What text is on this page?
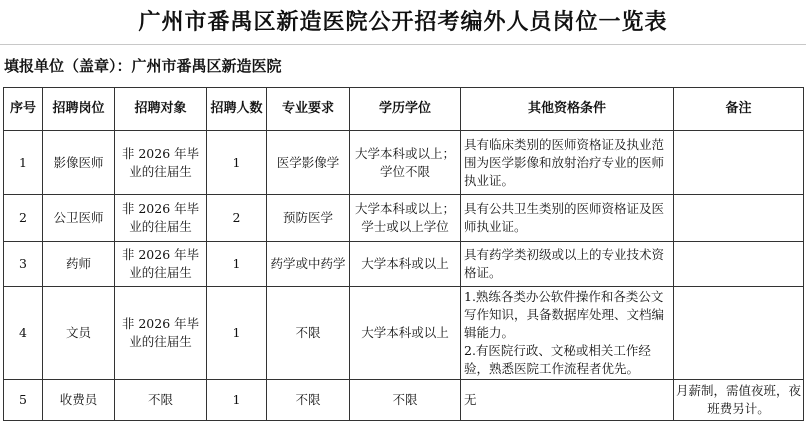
广州市番禺区新造医院公开招考编外人员岗位一览表
填报单位（盖章）：广州市番禺区新造医院
序号	招聘岗位	招聘对象	招聘人数	专业要求	学历学位	其他资格条件	备注
1	影像医师	非 2026 年毕业的往届生	1	医学影像学	大学本科或以上；学位不限	具有临床类别的医师资格证及执业范围为医学影像和放射治疗专业的医师执业证。	
2	公卫医师	非 2026 年毕业的往届生	2	预防医学	大学本科或以上；学士或以上学位	具有公共卫生类别的医师资格证及医师执业证。	
3	药师	非 2026 年毕业的往届生	1	药学或中药学	大学本科或以上	具有药学类初级或以上的专业技术资格证。	
4	文员	非 2026 年毕业的往届生	1	不限	大学本科或以上	1.熟练各类办公软件操作和各类公文写作知识，具备数据库处理、文档编辑能力。
2.有医院行政、文秘或相关工作经验，熟悉医院工作流程者优先。	

5	收费员	不限	1	不限	不限	无	月薪制，需值夜班，夜班费另计。
